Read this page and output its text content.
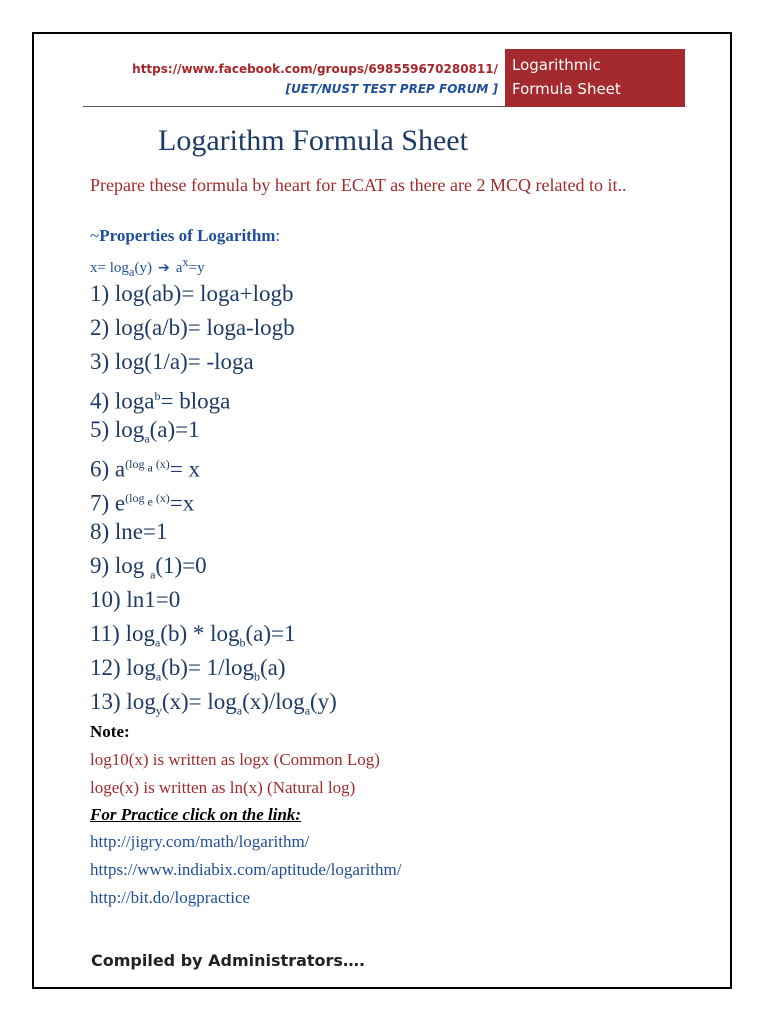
https://www.facebook.com/groups/698559670280811/
[UET/NUST TEST PREP FORUM ]
Logarithmic
Formula Sheet
Logarithm Formula Sheet

Prepare these formula by heart for ECAT as there are 2 MCQ related to it..

~Properties of Logarithm:
$x= \log_a(y)$ ➔ $a^x=y$
1) log(ab)= loga+logb
2) log(a/b)= loga-logb
3) log(1/a)= -loga
4) loga$^b$= bloga
5) $\log_a(a)=1$
6) $a^{(log _a (x)}= x$
7) $e^{(log _e (x)}=x$
8) lne=1
9) log $_a$(1)=0
10) ln1=0
11) $\log_a(b) * \log_b(a)=1$
12) $\log_a(b)= 1/\log_b(a)$
13) $\log_y(x)= \log_a(x)/\log_a(y)$
Note:
log10(x) is written as logx (Common Log)
loge(x) is written as ln(x) (Natural log)
For Practice click on the link:
http://jigry.com/math/logarithm/
https://www.indiabix.com/aptitude/logarithm/
http://bit.do/logpractice
Compiled by Administrators….
